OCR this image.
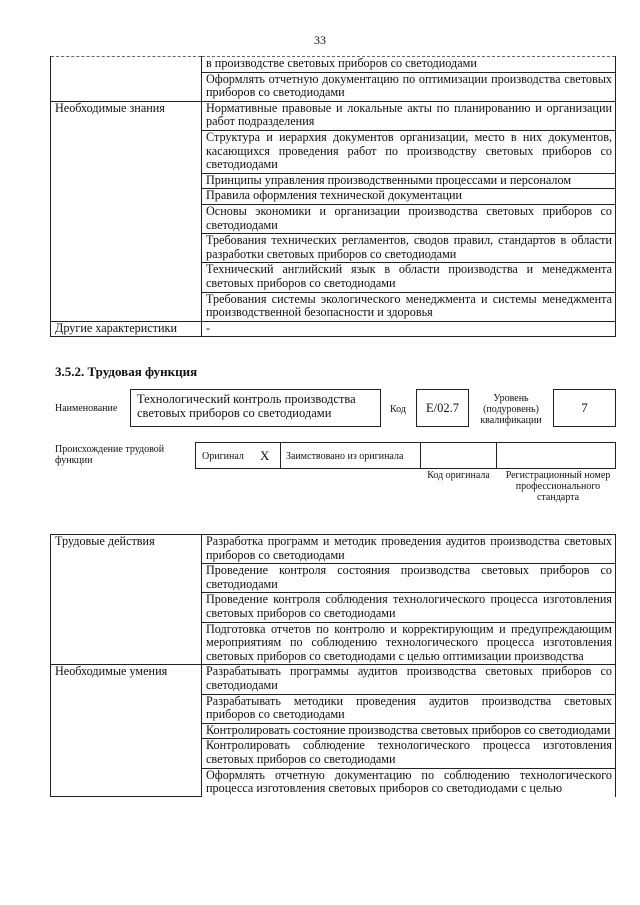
33
	в производстве световых приборов со светодиодами
	Оформлять отчетную документацию по оптимизации производства световых приборов со светодиодами
Необходимые знания	Нормативные правовые и локальные акты по планированию и организации работ подразделения
	Структура и иерархия документов организации, место в них документов, касающихся проведения работ по производству световых приборов со светодиодами
	Принципы управления производственными процессами и персоналом
	Правила оформления технической документации
	Основы экономики и организации производства световых приборов со светодиодами
	Требования технических регламентов, сводов правил, стандартов в области разработки световых приборов со светодиодами
	Технический английский язык в области производства и менеджмента световых приборов со светодиодами
	Требования системы экологического менеджмента и системы менеджмента производственной безопасности и здоровья
Другие характеристики	-
3.5.2. Трудовая функция
Наименование
Технологический контроль производства световых приборов со светодиодами	Код	E/02.7
Уровень (подуровень) квалификации
7
Происхождение трудовой функции	Оригинал X Заимствовано из оригинала
Код оригинала	Регистрационный номер профессионального стандарта
Трудовые действия	Разработка программ и методик проведения аудитов производства световых приборов со светодиодами
	Проведение контроля состояния производства световых приборов со светодиодами
	Проведение контроля соблюдения технологического процесса изготовления световых приборов со светодиодами
	Подготовка отчетов по контролю и корректирующим и предупреждающим мероприятиям по соблюдению технологического процесса изготовления световых приборов со светодиодами с целью оптимизации производства
Необходимые умения	Разрабатывать программы аудитов производства световых приборов со светодиодами
	Разрабатывать методики проведения аудитов производства световых приборов со светодиодами
	Контролировать состояние производства световых приборов со светодиодами
	Контролировать соблюдение технологического процесса изготовления световых приборов со светодиодами
	Оформлять отчетную документацию по соблюдению технологического процесса изготовления световых приборов со светодиодами с целью
